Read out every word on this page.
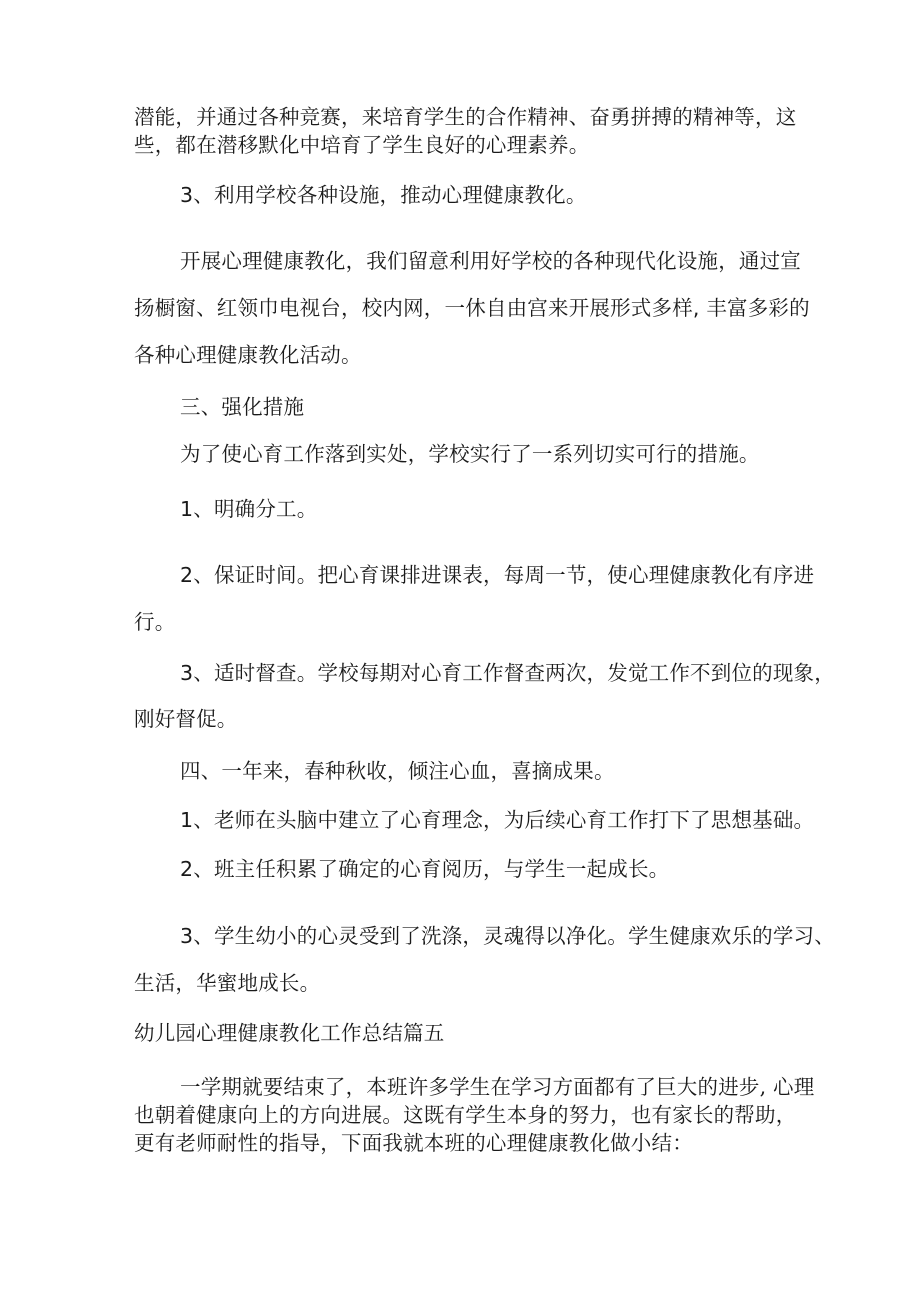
潜能，并通过各种竞赛，来培育学生的合作精神、奋勇拼搏的精神等，这
些，都在潜移默化中培育了学生良好的心理素养。
3、利用学校各种设施，推动心理健康教化。
开展心理健康教化，我们留意利用好学校的各种现代化设施，通过宣
扬橱窗、红领巾电视台，校内网，一休自由宫来开展形式多样, 丰富多彩的
各种心理健康教化活动。
三、强化措施
为了使心育工作落到实处，学校实行了一系列切实可行的措施。
1、明确分工。
2、保证时间。把心育课排进课表，每周一节，使心理健康教化有序进
行。
3、适时督查。学校每期对心育工作督查两次，发觉工作不到位的现象，
刚好督促。
四、一年来，春种秋收，倾注心血，喜摘成果。
1、老师在头脑中建立了心育理念，为后续心育工作打下了思想基础。
2、班主任积累了确定的心育阅历，与学生一起成长。
3、学生幼小的心灵受到了洗涤，灵魂得以净化。学生健康欢乐的学习、
生活，华蜜地成长。
幼儿园心理健康教化工作总结篇五
一学期就要结束了，本班许多学生在学习方面都有了巨大的进步, 心理
也朝着健康向上的方向进展。这既有学生本身的努力，也有家长的帮助，
更有老师耐性的指导，下面我就本班的心理健康教化做小结：
